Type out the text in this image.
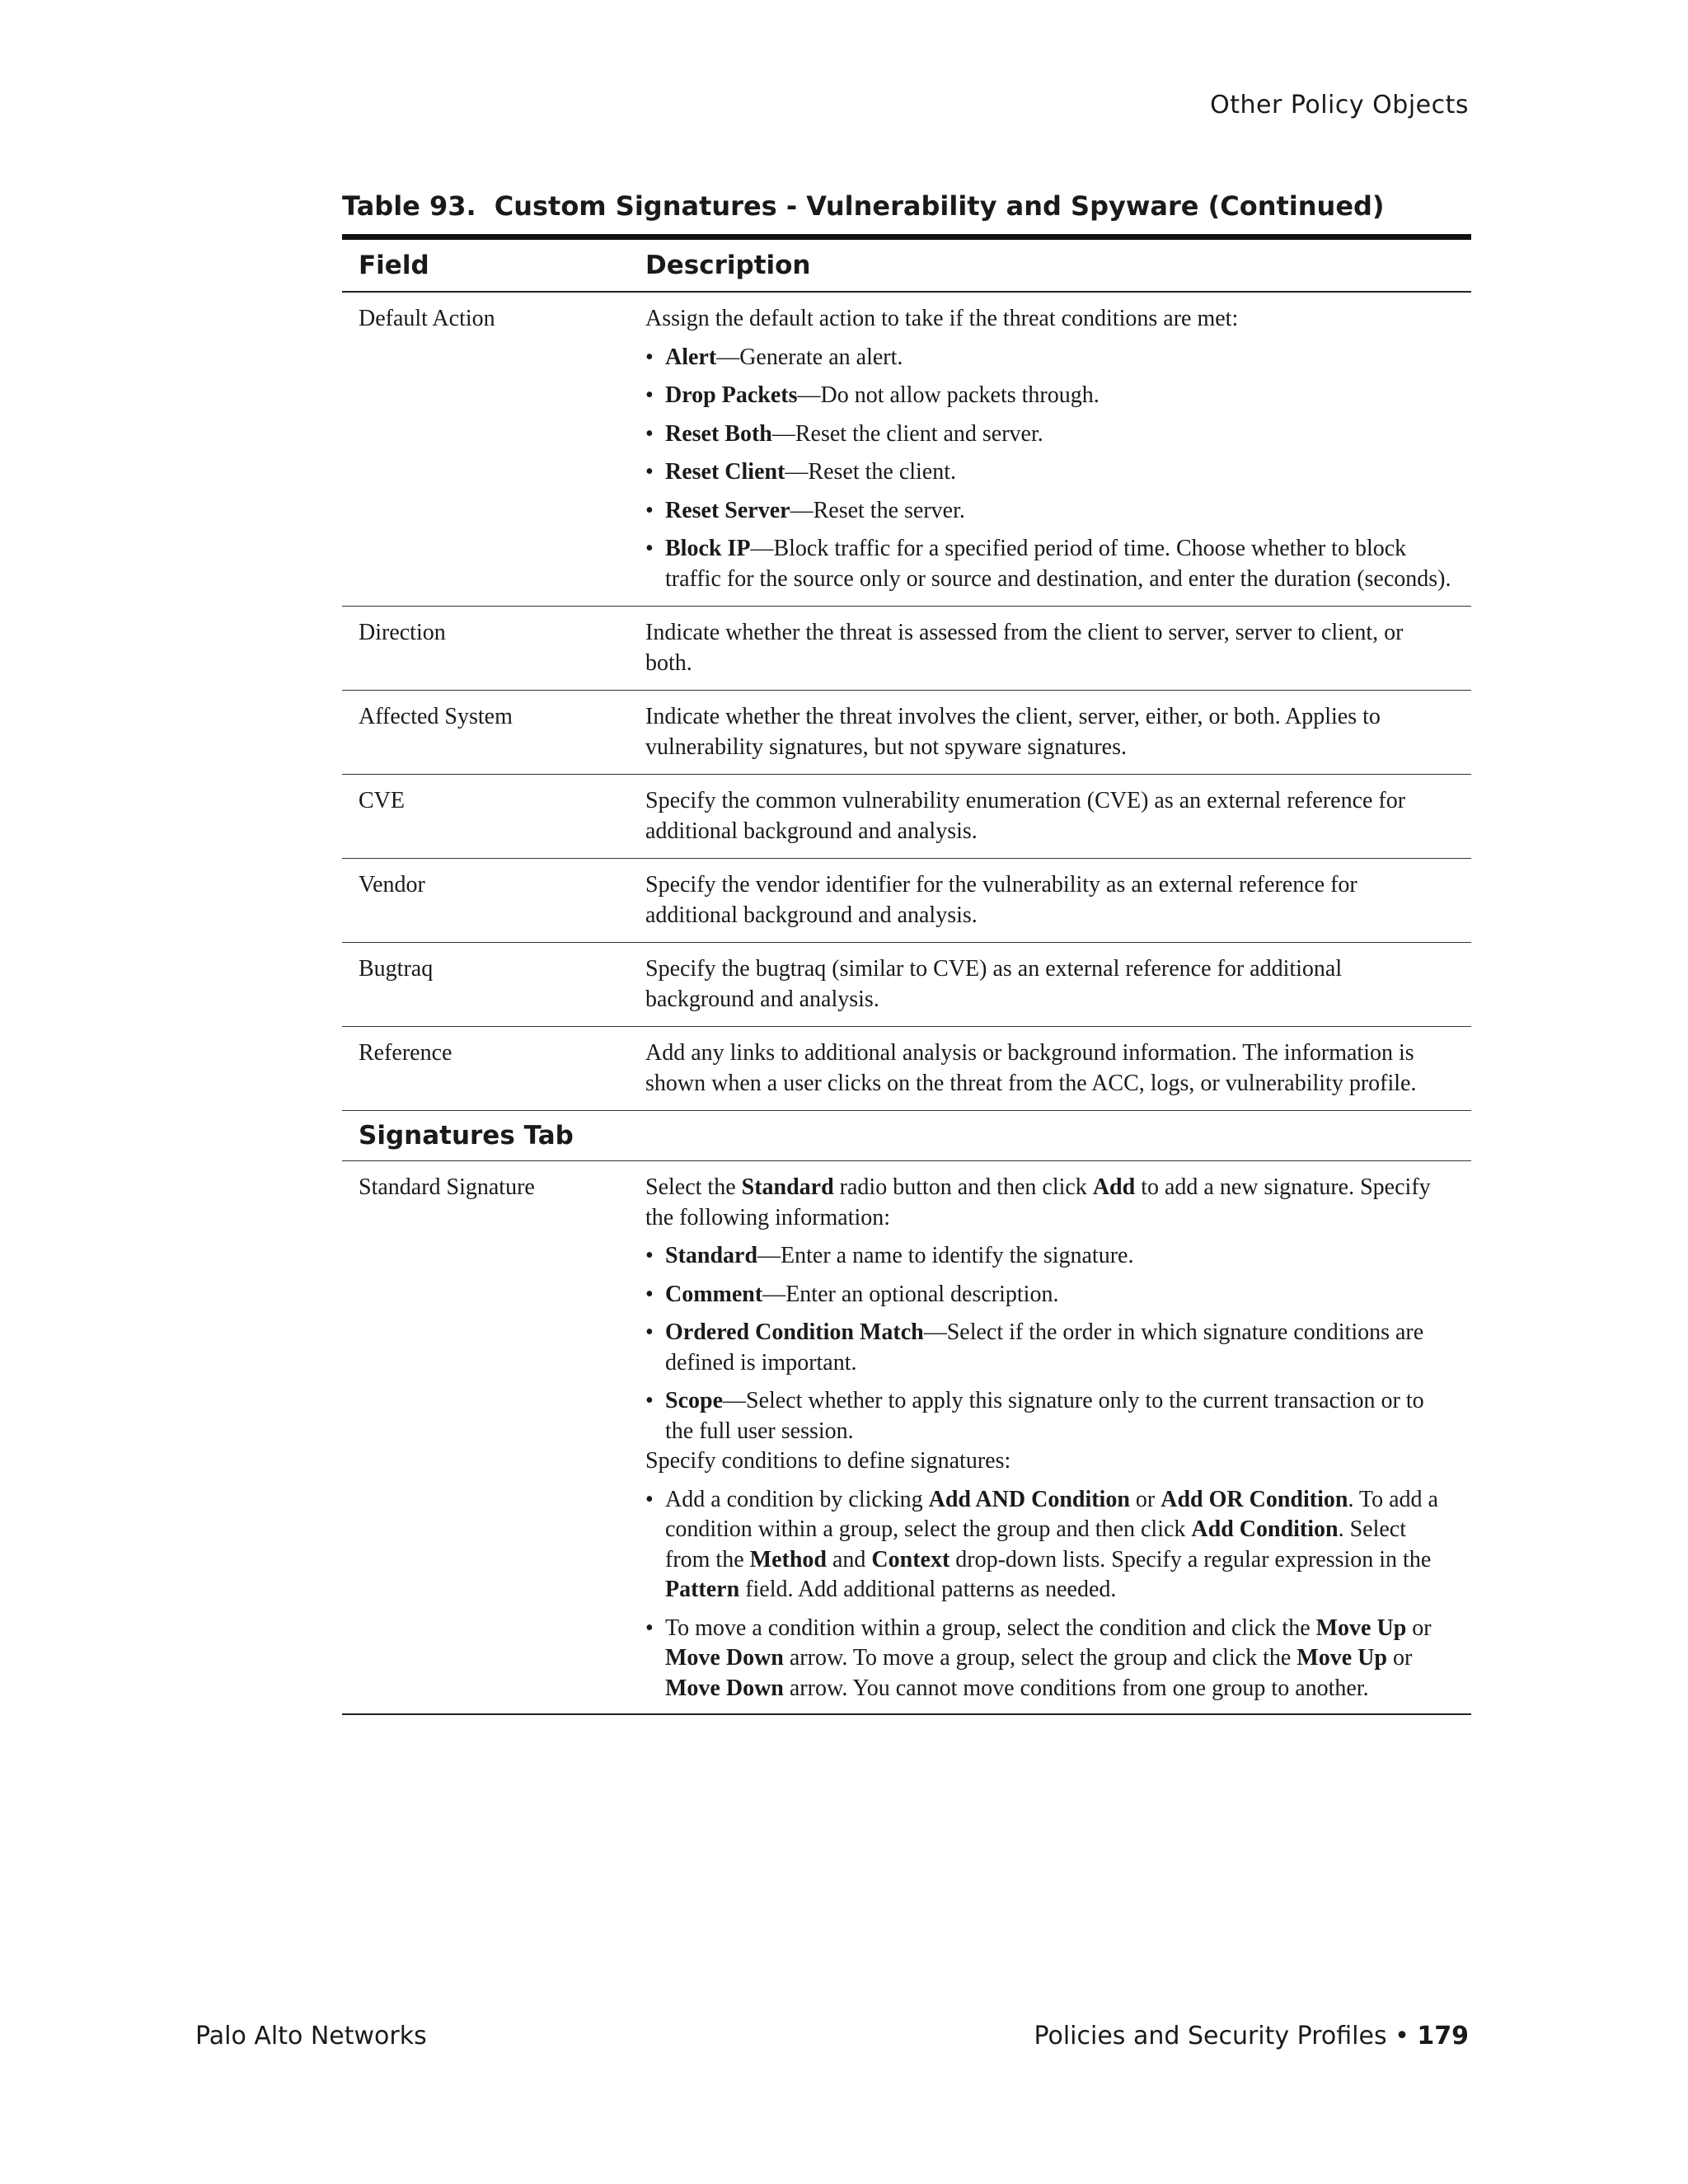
Other Policy Objects
Table 93. Custom Signatures - Vulnerability and Spyware (Continued)
Field	Description
Default Action	Assign the default action to take if the threat conditions are met:

• Alert—Generate an alert.
• Drop Packets—Do not allow packets through.
• Reset Both—Reset the client and server.
• Reset Client—Reset the client.
• Reset Server—Reset the server.
• Block IP—Block traffic for a specified period of time. Choose whether to block traffic for the source only or source and destination, and enter the duration (seconds).
Direction	Indicate whether the threat is assessed from the client to server, server to client, or both.
Affected System	Indicate whether the threat involves the client, server, either, or both. Applies to vulnerability signatures, but not spyware signatures.
CVE	Specify the common vulnerability enumeration (CVE) as an external reference for additional background and analysis.
Vendor	Specify the vendor identifier for the vulnerability as an external reference for additional background and analysis.
Bugtraq	Specify the bugtraq (similar to CVE) as an external reference for additional background and analysis.
Reference	Add any links to additional analysis or background information. The information is shown when a user clicks on the threat from the ACC, logs, or vulnerability profile.
Signatures Tab
Standard Signature	Select the Standard radio button and then click Add to add a new signature. Specify the following information:

• Standard—Enter a name to identify the signature.
• Comment—Enter an optional description.
• Ordered Condition Match—Select if the order in which signature conditions are defined is important.
• Scope—Select whether to apply this signature only to the current transaction or to the full user session.

Specify conditions to define signatures:

• Add a condition by clicking Add AND Condition or Add OR Condition. To add a condition within a group, select the group and then click Add Condition. Select from the Method and Context drop-down lists. Specify a regular expression in the Pattern field. Add additional patterns as needed.
• To move a condition within a group, select the condition and click the Move Up or Move Down arrow. To move a group, select the group and click the Move Up or Move Down arrow. You cannot move conditions from one group to another.
Palo Alto Networks	Policies and Security Profiles • 179
